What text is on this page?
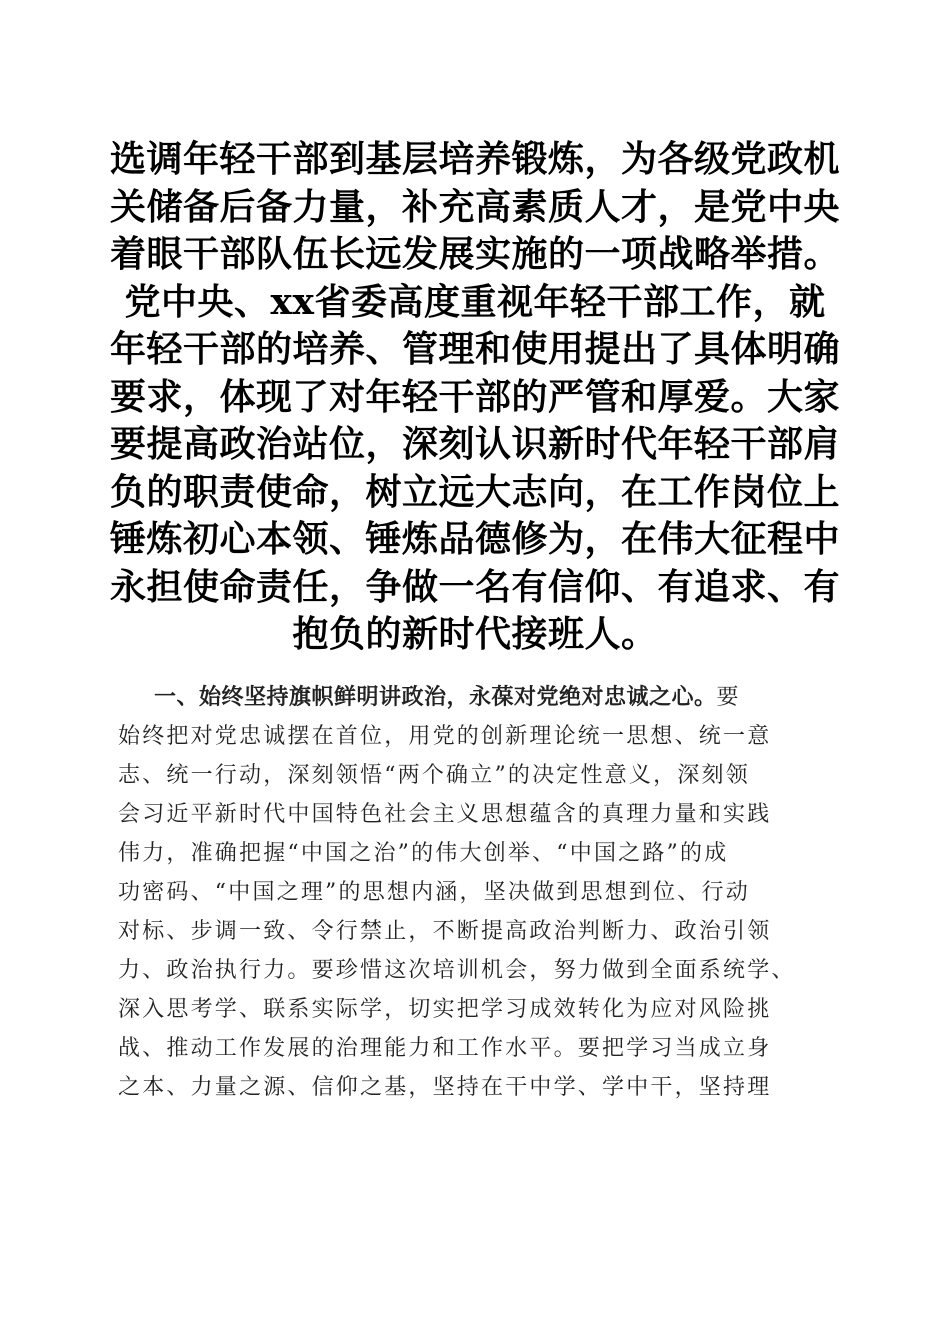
选调年轻干部到基层培养锻炼，为各级党政机
关储备后备力量，补充高素质人才，是党中央
着眼干部队伍长远发展实施的一项战略举措。
党中央、xx省委高度重视年轻干部工作，就
年轻干部的培养、管理和使用提出了具体明确
要求，体现了对年轻干部的严管和厚爱。大家
要提高政治站位，深刻认识新时代年轻干部肩
负的职责使命，树立远大志向，在工作岗位上
锤炼初心本领、锤炼品德修为，在伟大征程中
永担使命责任，争做一名有信仰、有追求、有
抱负的新时代接班人。
一、始终坚持旗帜鲜明讲政治，永葆对党绝对忠诚之心。要
始终把对党忠诚摆在首位，用党的创新理论统一思想、统一意
志、统一行动，深刻领悟“两个确立”的决定性意义，深刻领
会习近平新时代中国特色社会主义思想蕴含的真理力量和实践
伟力，准确把握“中国之治”的伟大创举、“中国之路”的成
功密码、“中国之理”的思想内涵，坚决做到思想到位、行动
对标、步调一致、令行禁止，不断提高政治判断力、政治引领
力、政治执行力。要珍惜这次培训机会，努力做到全面系统学、
深入思考学、联系实际学，切实把学习成效转化为应对风险挑
战、推动工作发展的治理能力和工作水平。要把学习当成立身
之本、力量之源、信仰之基，坚持在干中学、学中干，坚持理
